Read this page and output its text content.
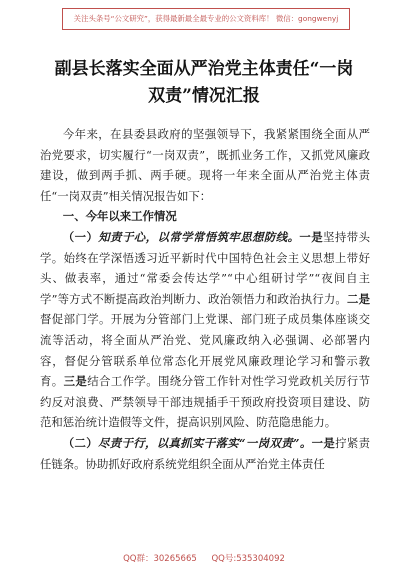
关注头条号“公文研究”，获得最新最全最专业的公文资料库！ 微信：gongwenyj
副县长落实全面从严治党主体责任“一岗
双责”情况汇报

今年来，在县委县政府的坚强领导下，我紧紧围绕全面从严治党要求，切实履行“一岗双责”，既抓业务工作，又抓党风廉政建设，做到两手抓、两手硬。现将一年来全面从严治党主体责任“一岗双责”相关情况报告如下：

一、今年以来工作情况

（一）知责于心，以常学常悟筑牢思想防线。一是坚持带头学。始终在学深悟透习近平新时代中国特色社会主义思想上带好头、做表率，通过“常委会传达学”“中心组研讨学”“夜间自主学”等方式不断提高政治判断力、政治领悟力和政治执行力。二是督促部门学。开展为分管部门上党课、部门班子成员集体座谈交流等活动，将全面从严治党、党风廉政纳入必强调、必部署内容，督促分管联系单位常态化开展党风廉政理论学习和警示教育。三是结合工作学。围绕分管工作针对性学习党政机关厉行节约反对浪费、严禁领导干部违规插手干预政府投资项目建设、防范和惩治统计造假等文件，提高识别风险、防范隐患能力。

（二）尽责于行，以真抓实干落实“一岗双责”。一是拧紧责任链条。协助抓好政府系统党组织全面从严治党主体责任

QQ群：30265665 QQ号:535304092
